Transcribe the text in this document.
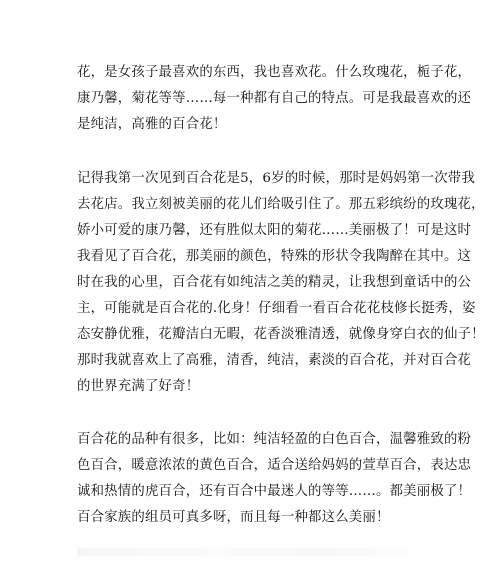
花，是女孩子最喜欢的东西，我也喜欢花。什么玫瑰花，栀子花，
康乃馨，菊花等等……每一种都有自己的特点。可是我最喜欢的还
是纯洁，高雅的百合花！
记得我第一次见到百合花是5，6岁的时候，那时是妈妈第一次带我
去花店。我立刻被美丽的花儿们给吸引住了。那五彩缤纷的玫瑰花，
娇小可爱的康乃馨，还有胜似太阳的菊花……美丽极了！可是这时
我看见了百合花，那美丽的颜色，特殊的形状令我陶醉在其中。这
时在我的心里，百合花有如纯洁之美的精灵，让我想到童话中的公
主，可能就是百合花的.化身！仔细看一看百合花花枝修长挺秀，姿
态安静优雅，花瓣洁白无暇，花香淡雅清透，就像身穿白衣的仙子！
那时我就喜欢上了高雅，清香，纯洁，素淡的百合花，并对百合花
的世界充满了好奇！
百合花的品种有很多，比如：纯洁轻盈的白色百合，温馨雅致的粉
色百合，暖意浓浓的黄色百合，适合送给妈妈的萱草百合，表达忠
诚和热情的虎百合，还有百合中最迷人的等等……。都美丽极了！
百合家族的组员可真多呀，而且每一种都这么美丽！
